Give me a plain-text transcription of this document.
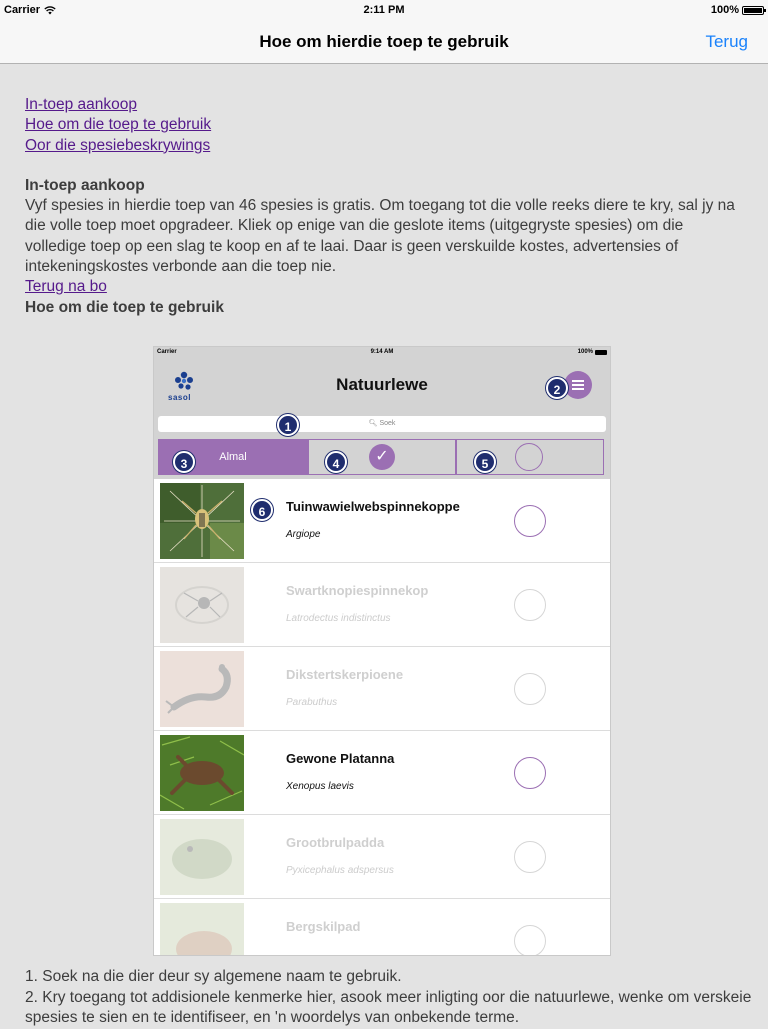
Carrier	2:11 PM	100%
Hoe om hierdie toep te gebruik	Terug
In-toep aankoop
Hoe om die toep te gebruik
Oor die spesiebeskrywings
In-toep aankoop

Vyf spesies in hierdie toep van 46 spesies is gratis. Om toegang tot die volle reeks diere te kry, sal jy na die volle toep moet opgradeer. Kliek op enige van die geslote items (uitgegryste spesies) om die volledige toep op een slag te koop en af te laai. Daar is geen verskuilde kostes, advertensies of intekeningskostes verbonde aan die toep nie.

Terug na bo
Hoe om die toep te gebruik
Carrier	9:14 AM	100%
sasol
Natuurlewe
🔍︎ Soek
Almal	✓
Tuinwawielwebspinnekoppe
Argiope
Swartknopiespinnekop
Latrodectus indistinctus
Dikstertskerpioene
Parabuthus
Gewone Platanna
Xenopus laevis
Grootbrulpadda
Pyxicephalus adspersus
Bergskilpad
1
2
3	4	5
6

1. Soek na die dier deur sy algemene naam te gebruik.

2. Kry toegang tot addisionele kenmerke hier, asook meer inligting oor die natuurlewe, wenke om verskeie spesies te sien en te identifiseer, en 'n woordelys van onbekende terme.
